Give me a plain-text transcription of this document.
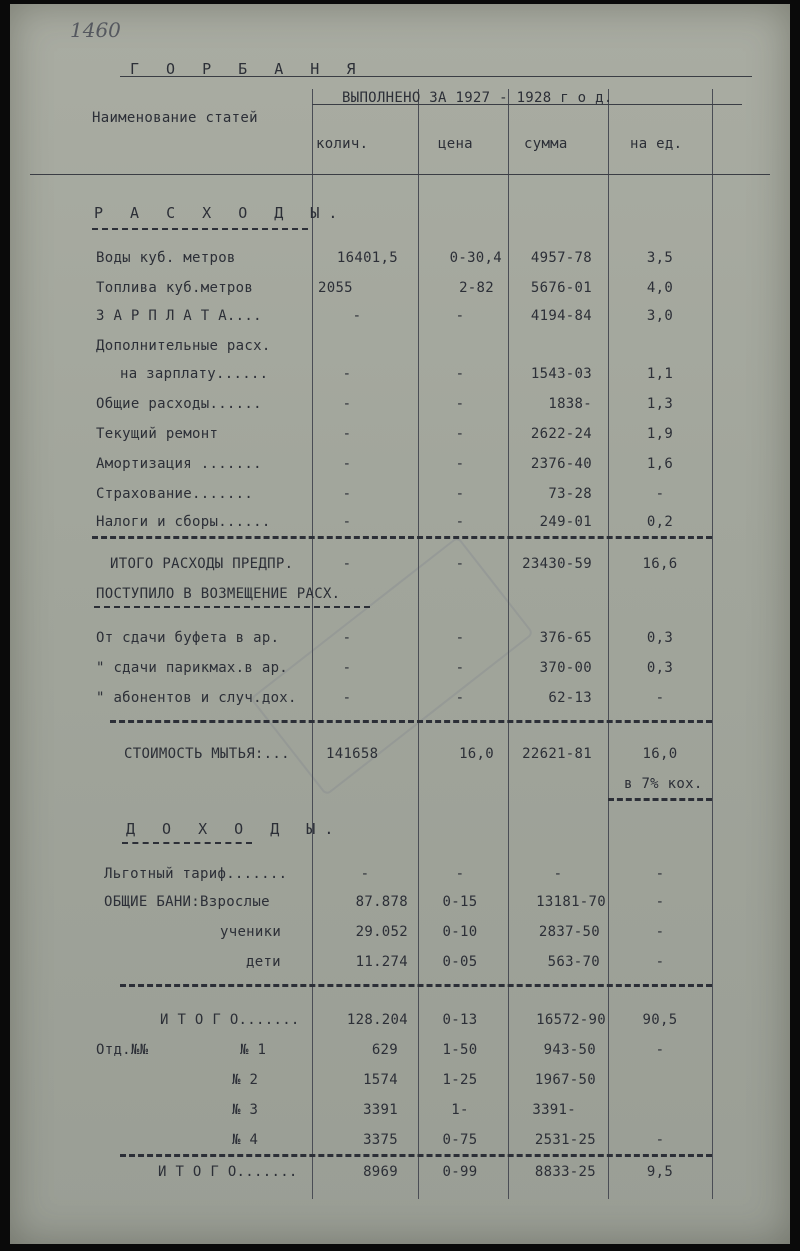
1460
Г О Р Б А Н Я
ВЫПОЛНЕНО ЗА 1927 - 1928 г о д.
Наименование статей
колич.	цена	сумма	на ед.
Р А С Х О Д Ы.
Воды куб. метров	16401,5	0-30,4	4957-78	3,5
Топлива куб.метров	2055	2-82	5676-01	4,0
З А Р П Л А Т А....	-	-	4194-84	3,0
Дополнительные расх.
на зарплату......	-	-	1543-03	1,1
Общие расходы......	-	-	1838-	1,3
Текущий ремонт	-	-	2622-24	1,9
Амортизация .......	-	-	2376-40	1,6
Страхование.......	-	-	73-28	-
Налоги и сборы......	-	-	249-01	0,2
ИТОГО РАСХОДЫ ПРЕДПР.	-	-	23430-59	16,6
ПОСТУПИЛО В ВОЗМЕЩЕНИЕ РАСХ.
От сдачи буфета в ар.	-	-	376-65	0,3
" сдачи парикмах.в ар.	-	-	370-00	0,3
" абонентов и случ.дох.	-	-	62-13	-
СТОИМОСТЬ МЫТЬЯ:...	141658	16,0	22621-81	16,0
в 7% кох.
Д О Х О Д Ы.
Льготный тариф.......	-	-	-	-
ОБЩИЕ БАНИ:Взрослые	87.878	0-15	13181-70	-
ученики	29.052	0-10	2837-50	-
дети	11.274	0-05	563-70	-
И Т О Г О.......	128.204	0-13	16572-90	90,5
Отд.№№	№ 1	629	1-50	943-50	-
№ 2	1574	1-25	1967-50
№ 3	3391	1-	3391-
№ 4	3375	0-75	2531-25	-
И Т О Г О.......	8969	0-99	8833-25	9,5
